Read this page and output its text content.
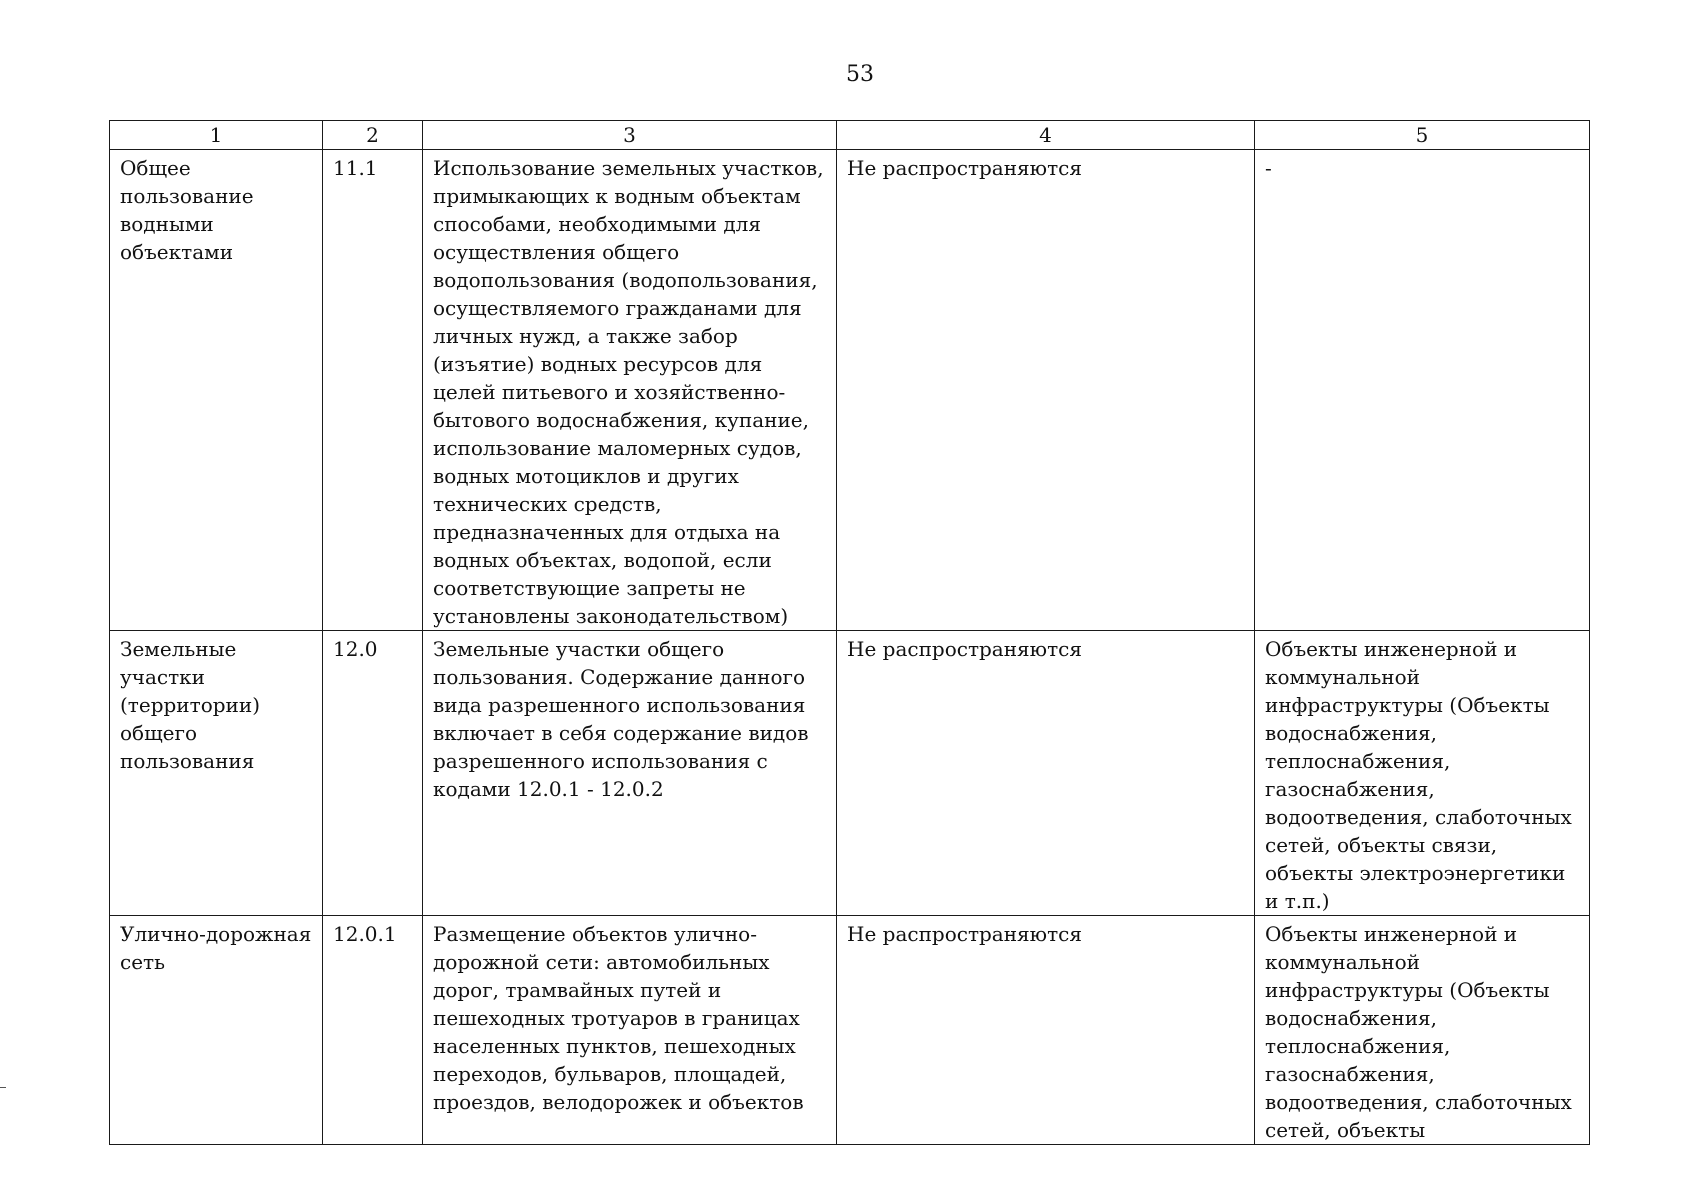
53
1	2	3	4	5
Общее пользование водными объектами	11.1	Использование земельных участков, примыкающих к водным объектам способами, необходимыми для осуществления общего водопользования (водопользования, осуществляемого гражданами для личных нужд, а также забор (изъятие) водных ресурсов для целей питьевого и хозяйственно-бытового водоснабжения, купание, использование маломерных судов, водных мотоциклов и других технических средств, предназначенных для отдыха на водных объектах, водопой, если соответствующие запреты не установлены законодательством)	Не распространяются	-
Земельные участки (территории) общего пользования	12.0	Земельные участки общего пользования. Содержание данного вида разрешенного использования включает в себя содержание видов разрешенного использования с кодами 12.0.1 - 12.0.2	Не распространяются	Объекты инженерной и коммунальной инфраструктуры (Объекты водоснабжения, теплоснабжения, газоснабжения, водоотведения, слаботочных сетей, объекты связи, объекты электроэнергетики и т.п.)
Улично-дорожная сеть	12.0.1	Размещение объектов улично-дорожной сети: автомобильных дорог, трамвайных путей и пешеходных тротуаров в границах населенных пунктов, пешеходных переходов, бульваров, площадей, проездов, велодорожек и объектов	Не распространяются	Объекты инженерной и коммунальной инфраструктуры (Объекты водоснабжения, теплоснабжения, газоснабжения, водоотведения, слаботочных сетей, объекты
